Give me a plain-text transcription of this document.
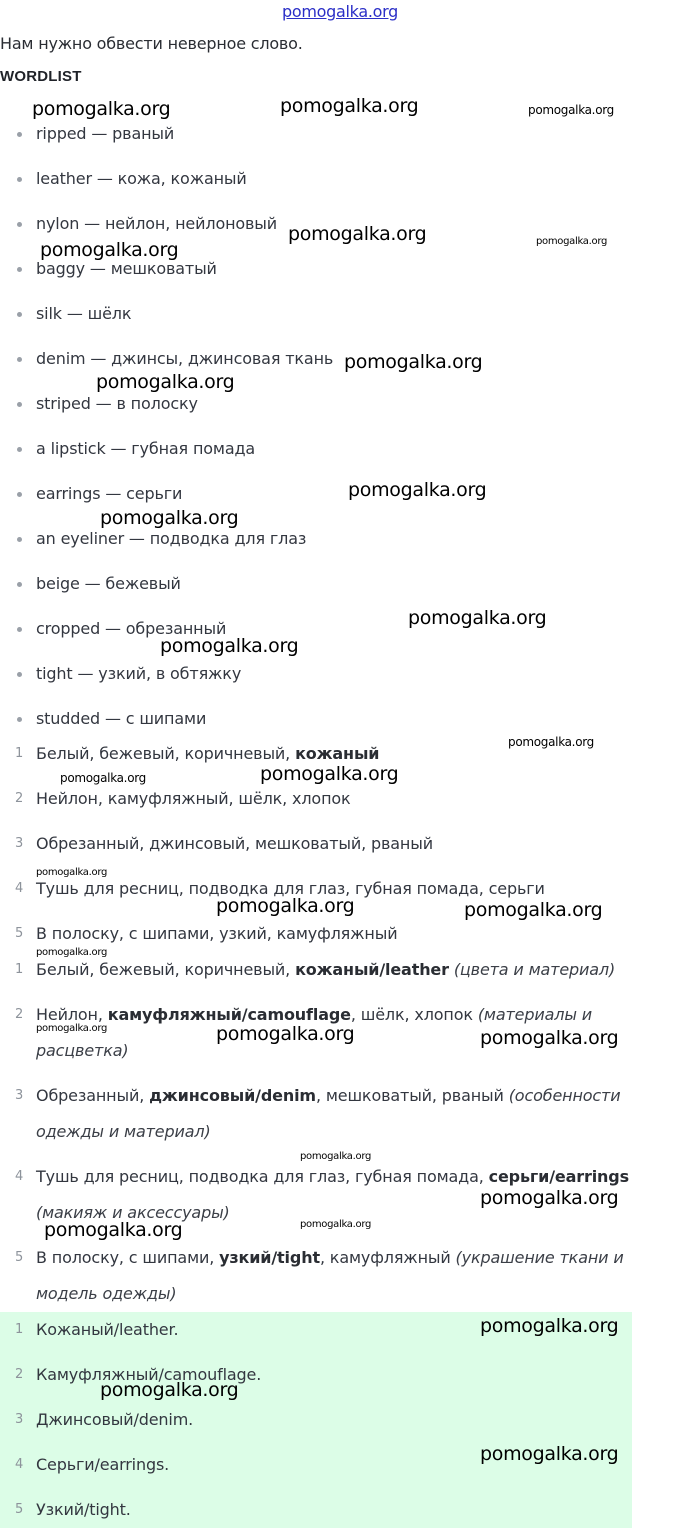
pomogalka.org
Нам нужно обвести неверное слово.
WORDLIST
ripped — рваный
leather — кожа, кожаный
nylon — нейлон, нейлоновый
baggy — мешковатый
silk — шёлк
denim — джинсы, джинсовая ткань
striped — в полоску
a lipstick — губная помада
earrings — серьги
an eyeliner — подводка для глаз
beige — бежевый
cropped — обрезанный
tight — узкий, в обтяжку
studded — с шипами
1 Белый, бежевый, коричневый, кожаный
2 Нейлон, камуфляжный, шёлк, хлопок
3 Обрезанный, джинсовый, мешковатый, рваный
4 Тушь для ресниц, подводка для глаз, губная помада, серьги
5 В полоску, с шипами, узкий, камуфляжный
1 Белый, бежевый, коричневый, кожаный/leather (цвета и материал)
2 Нейлон, камуфляжный/camouflage, шёлк, хлопок (материалы и расцветка)
3 Обрезанный, джинсовый/denim, мешковатый, рваный (особенности одежды и материал)
4 Тушь для ресниц, подводка для глаз, губная помада, серьги/earrings (макияж и аксессуары)
5 В полоску, с шипами, узкий/tight, камуфляжный (украшение ткани и модель одежды)
1 Кожаный/leather.
2 Камуфляжный/camouflage.
3 Джинсовый/denim.
4 Серьги/earrings.
5 Узкий/tight.
pomogalka.org	pomogalka.org	pomogalka.org
pomogalka.org
pomogalka.org	pomogalka.org
pomogalka.org
pomogalka.org
pomogalka.org
pomogalka.org
pomogalka.org
pomogalka.org
pomogalka.org
pomogalka.org
pomogalka.org
pomogalka.org
pomogalka.org	pomogalka.org
pomogalka.org
pomogalka.org	pomogalka.org	pomogalka.org
pomogalka.org
pomogalka.org
pomogalka.org	pomogalka.org
pomogalka.org
pomogalka.org
pomogalka.org
